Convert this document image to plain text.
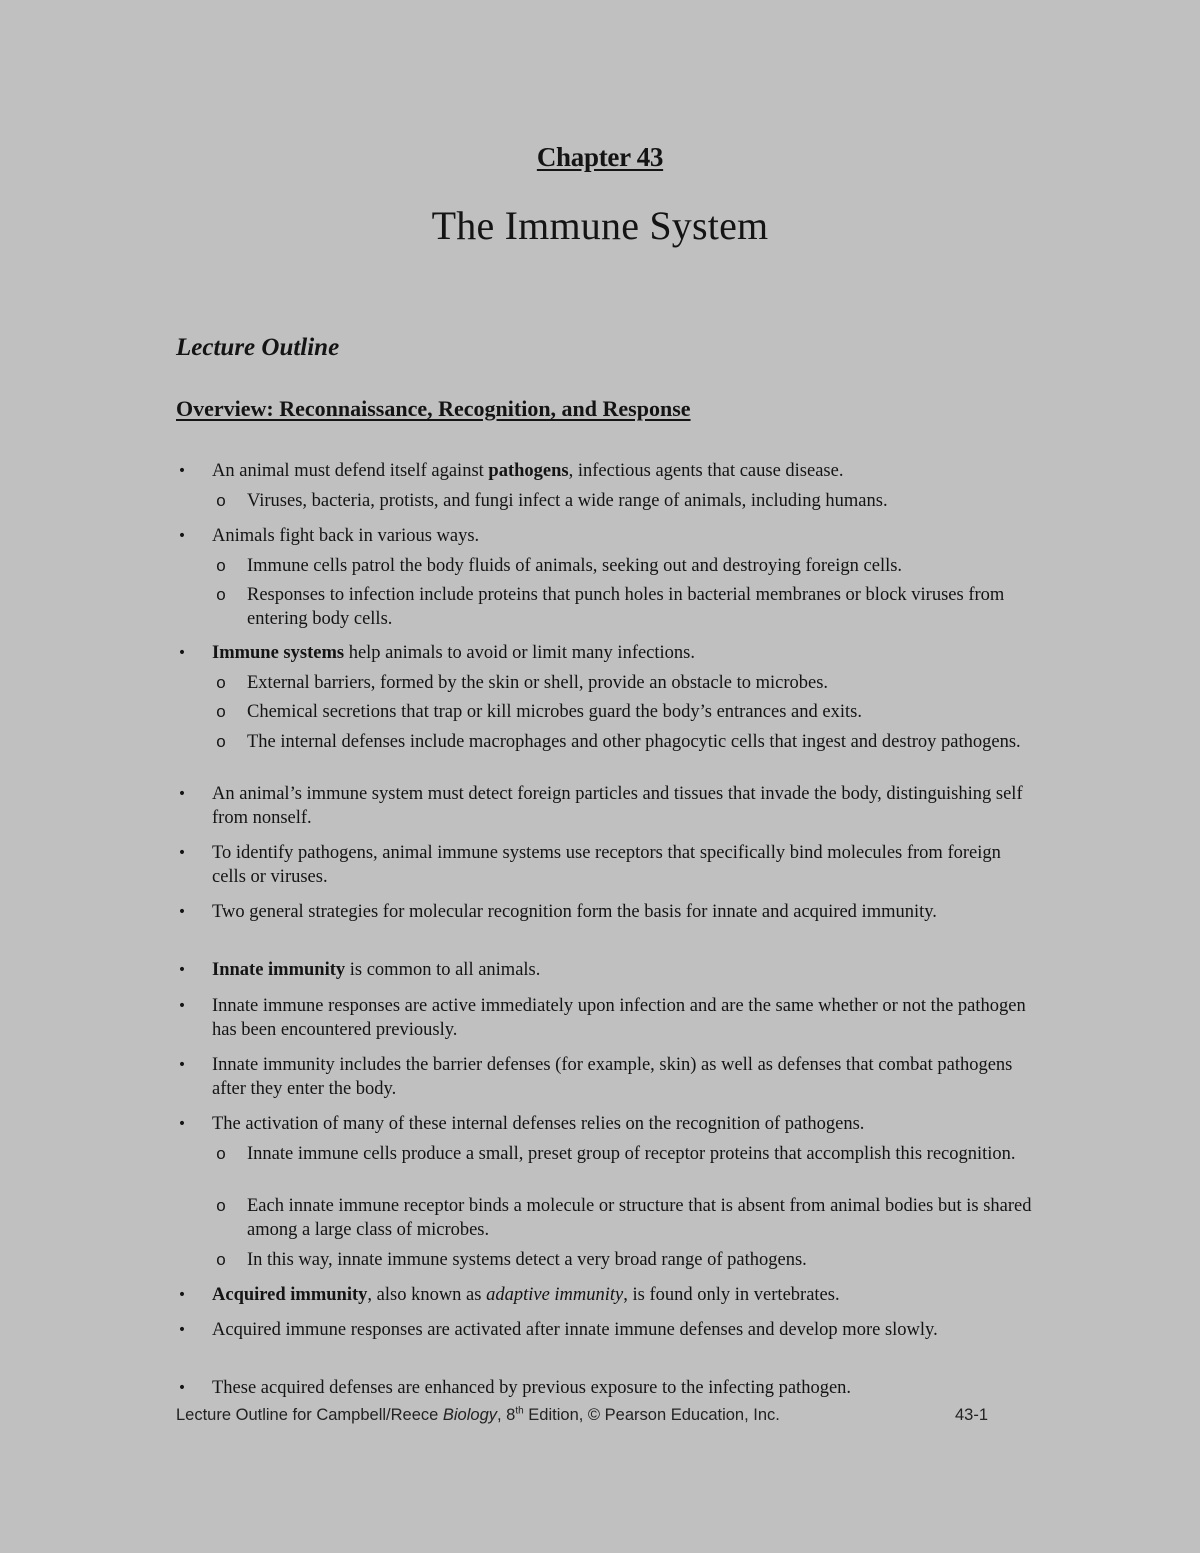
Chapter 43
The Immune System
Lecture Outline
Overview: Reconnaissance, Recognition, and Response
•	An animal must defend itself against pathogens, infectious agents that cause disease.
o Viruses, bacteria, protists, and fungi infect a wide range of animals, including humans.
•	Animals fight back in various ways.
o Immune cells patrol the body fluids of animals, seeking out and destroying foreign cells.
o Responses to infection include proteins that punch holes in bacterial membranes or block viruses from entering body cells.
•	Immune systems help animals to avoid or limit many infections.
o External barriers, formed by the skin or shell, provide an obstacle to microbes.
o Chemical secretions that trap or kill microbes guard the body’s entrances and exits.
o The internal defenses include macrophages and other phagocytic cells that ingest and destroy pathogens.
•	An animal’s immune system must detect foreign particles and tissues that invade the body, distinguishing self from nonself.
•	To identify pathogens, animal immune systems use receptors that specifically bind molecules from foreign cells or viruses.
•	Two general strategies for molecular recognition form the basis for innate and acquired immunity.
•	Innate immunity is common to all animals.
•	Innate immune responses are active immediately upon infection and are the same whether or not the pathogen has been encountered previously.
•	Innate immunity includes the barrier defenses (for example, skin) as well as defenses that combat pathogens after they enter the body.
•	The activation of many of these internal defenses relies on the recognition of pathogens.
o Innate immune cells produce a small, preset group of receptor proteins that accomplish this recognition.
o Each innate immune receptor binds a molecule or structure that is absent from animal bodies but is shared among a large class of microbes.
o In this way, innate immune systems detect a very broad range of pathogens.
•	Acquired immunity, also known as adaptive immunity, is found only in vertebrates.
•	Acquired immune responses are activated after innate immune defenses and develop more slowly.
•	These acquired defenses are enhanced by previous exposure to the infecting pathogen.
Lecture Outline for Campbell/Reece Biology, 8th Edition, © Pearson Education, Inc.	43-1
